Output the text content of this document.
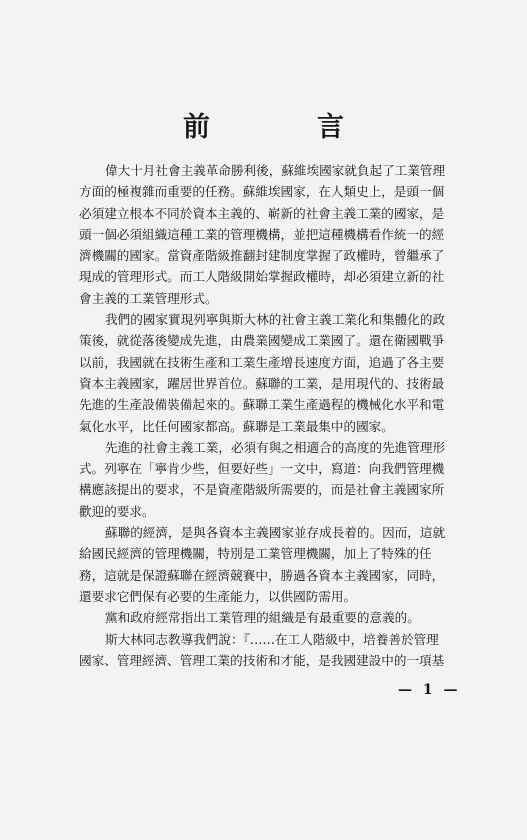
前　言
偉大十月社會主義革命勝利後，蘇維埃國家就負起了工業管理
方面的極複雜而重要的任務。蘇維埃國家，在人類史上，是頭一個
必須建立根本不同於資本主義的、嶄新的社會主義工業的國家，是
頭一個必須組織這種工業的管理機構，並把這種機構看作統一的經
濟機關的國家。當資產階級推翻封建制度掌握了政權時，曾繼承了
現成的管理形式。而工人階級開始掌握政權時，却必須建立新的社
會主義的工業管理形式。
我們的國家實現列寧與斯大林的社會主義工業化和集體化的政
策後，就從落後變成先進，由農業國變成工業國了。還在衛國戰爭
以前，我國就在技術生產和工業生產增長速度方面，追過了各主要
資本主義國家，躍居世界首位。蘇聯的工業，是用現代的、技術最
先進的生產設備裝備起來的。蘇聯工業生產過程的機械化水平和電
氣化水平，比任何國家都高。蘇聯是工業最集中的國家。
先進的社會主義工業，必須有與之相適合的高度的先進管理形
式。列寧在「寧肯少些，但要好些」一文中，寫道：向我們管理機
構應該提出的要求，不是資產階級所需要的，而是社會主義國家所
歡迎的要求。
蘇聯的經濟，是與各資本主義國家並存成長着的。因而，這就
給國民經濟的管理機關，特別是工業管理機關，加上了特殊的任
務，這就是保證蘇聯在經濟競賽中，勝過各資本主義國家，同時，
還要求它們保有必要的生產能力，以供國防需用。
黨和政府經常指出工業管理的組織是有最重要的意義的。
斯大林同志教導我們說：『……在工人階級中，培養善於管理
國家、管理經濟、管理工業的技術和才能，是我國建設中的一項基
— 1 —
